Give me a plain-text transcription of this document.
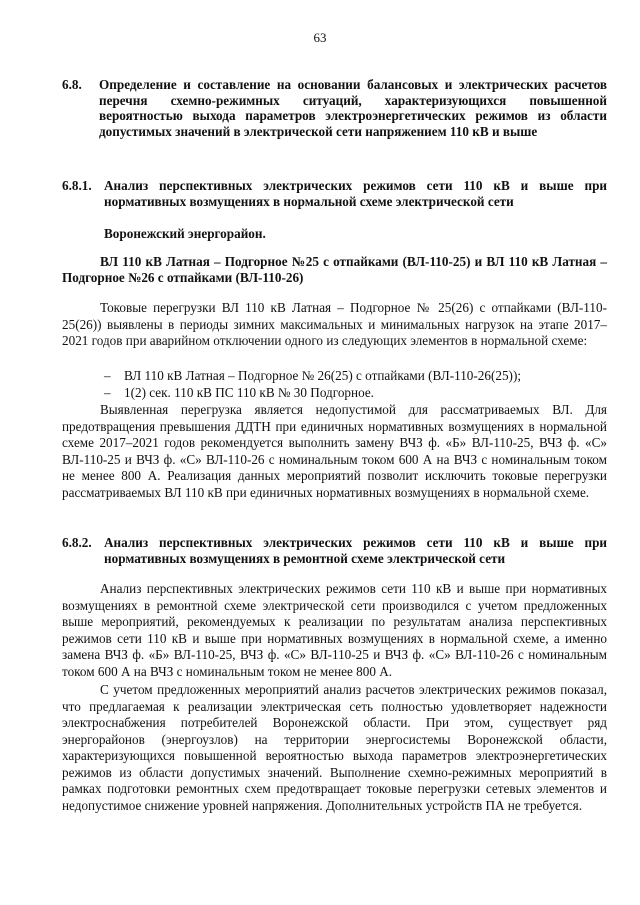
63
6.8. Определение и составление на основании балансовых и электрических расчетов перечня схемно-режимных ситуаций, характеризующихся повышенной вероятностью выхода параметров электроэнергетических режимов из области допустимых значений в электрической сети напряжением 110 кВ и выше
6.8.1. Анализ перспективных электрических режимов сети 110 кВ и выше при нормативных возмущениях в нормальной схеме электрической сети
Воронежский энергорайон.
ВЛ 110 кВ Латная – Подгорное №25 с отпайками (ВЛ-110-25) и ВЛ 110 кВ Латная – Подгорное №26 с отпайками (ВЛ-110-26)
Токовые перегрузки ВЛ 110 кВ Латная – Подгорное № 25(26) с отпайками (ВЛ-110-25(26)) выявлены в периоды зимних максимальных и минимальных нагрузок на этапе 2017–2021 годов при аварийном отключении одного из следующих элементов в нормальной схеме:
– ВЛ 110 кВ Латная – Подгорное № 26(25) с отпайками (ВЛ-110-26(25));
– 1(2) сек. 110 кВ ПС 110 кВ № 30 Подгорное.
Выявленная перегрузка является недопустимой для рассматриваемых ВЛ. Для предотвращения превышения ДДТН при единичных нормативных возмущениях в нормальной схеме 2017–2021 годов рекомендуется выполнить замену ВЧЗ ф. «Б» ВЛ-110-25, ВЧЗ ф. «С» ВЛ-110-25 и ВЧЗ ф. «С» ВЛ-110-26 с номинальным током 600 А на ВЧЗ с номинальным током не менее 800 А. Реализация данных мероприятий позволит исключить токовые перегрузки рассматриваемых ВЛ 110 кВ при единичных нормативных возмущениях в нормальной схеме.
6.8.2. Анализ перспективных электрических режимов сети 110 кВ и выше при нормативных возмущениях в ремонтной схеме электрической сети
Анализ перспективных электрических режимов сети 110 кВ и выше при нормативных возмущениях в ремонтной схеме электрической сети производился с учетом предложенных выше мероприятий, рекомендуемых к реализации по результатам анализа перспективных режимов сети 110 кВ и выше при нормативных возмущениях в нормальной схеме, а именно замена ВЧЗ ф. «Б» ВЛ-110-25, ВЧЗ ф. «С» ВЛ-110-25 и ВЧЗ ф. «С» ВЛ-110-26 с номинальным током 600 А на ВЧЗ с номинальным током не менее 800 А.
С учетом предложенных мероприятий анализ расчетов электрических режимов показал, что предлагаемая к реализации электрическая сеть полностью удовлетворяет надежности электроснабжения потребителей Воронежской области. При этом, существует ряд энергорайонов (энергоузлов) на территории энергосистемы Воронежской области, характеризующихся повышенной вероятностью выхода параметров электроэнергетических режимов из области допустимых значений. Выполнение схемно-режимных мероприятий в рамках подготовки ремонтных схем предотвращает токовые перегрузки сетевых элементов и недопустимое снижение уровней напряжения. Дополнительных устройств ПА не требуется.
